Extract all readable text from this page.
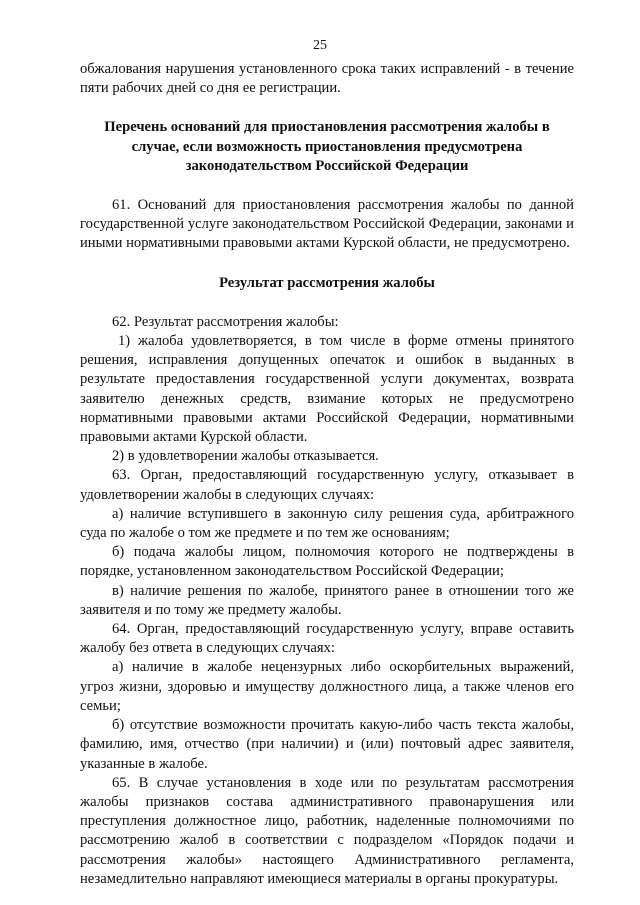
25

обжалования нарушения установленного срока таких исправлений - в течение пяти рабочих дней со дня ее регистрации.

Перечень оснований для приостановления рассмотрения жалобы в случае, если возможность приостановления предусмотрена законодательством Российской Федерации

61. Оснований для приостановления рассмотрения жалобы по данной государственной услуге законодательством Российской Федерации, законами и иными нормативными правовыми актами Курской области, не предусмотрено.

Результат рассмотрения жалобы

62. Результат рассмотрения жалобы:

1) жалоба удовлетворяется, в том числе в форме отмены принятого решения, исправления допущенных опечаток и ошибок в выданных в результате предоставления государственной услуги документах, возврата заявителю денежных средств, взимание которых не предусмотрено нормативными правовыми актами Российской Федерации, нормативными правовыми актами Курской области.

2) в удовлетворении жалобы отказывается.

63. Орган, предоставляющий государственную услугу, отказывает в удовлетворении жалобы в следующих случаях:

а) наличие вступившего в законную силу решения суда, арбитражного суда по жалобе о том же предмете и по тем же основаниям;

б) подача жалобы лицом, полномочия которого не подтверждены в порядке, установленном законодательством Российской Федерации;

в) наличие решения по жалобе, принятого ранее в отношении того же заявителя и по тому же предмету жалобы.

64. Орган, предоставляющий государственную услугу, вправе оставить жалобу без ответа в следующих случаях:

а) наличие в жалобе нецензурных либо оскорбительных выражений, угроз жизни, здоровью и имуществу должностного лица, а также членов его семьи;

б) отсутствие возможности прочитать какую-либо часть текста жалобы, фамилию, имя, отчество (при наличии) и (или) почтовый адрес заявителя, указанные в жалобе.

65. В случае установления в ходе или по результатам рассмотрения жалобы признаков состава административного правонарушения или преступления должностное лицо, работник, наделенные полномочиями по рассмотрению жалоб в соответствии с подразделом «Порядок подачи и рассмотрения жалобы» настоящего Административного регламента, незамедлительно направляют имеющиеся материалы в органы прокуратуры.
